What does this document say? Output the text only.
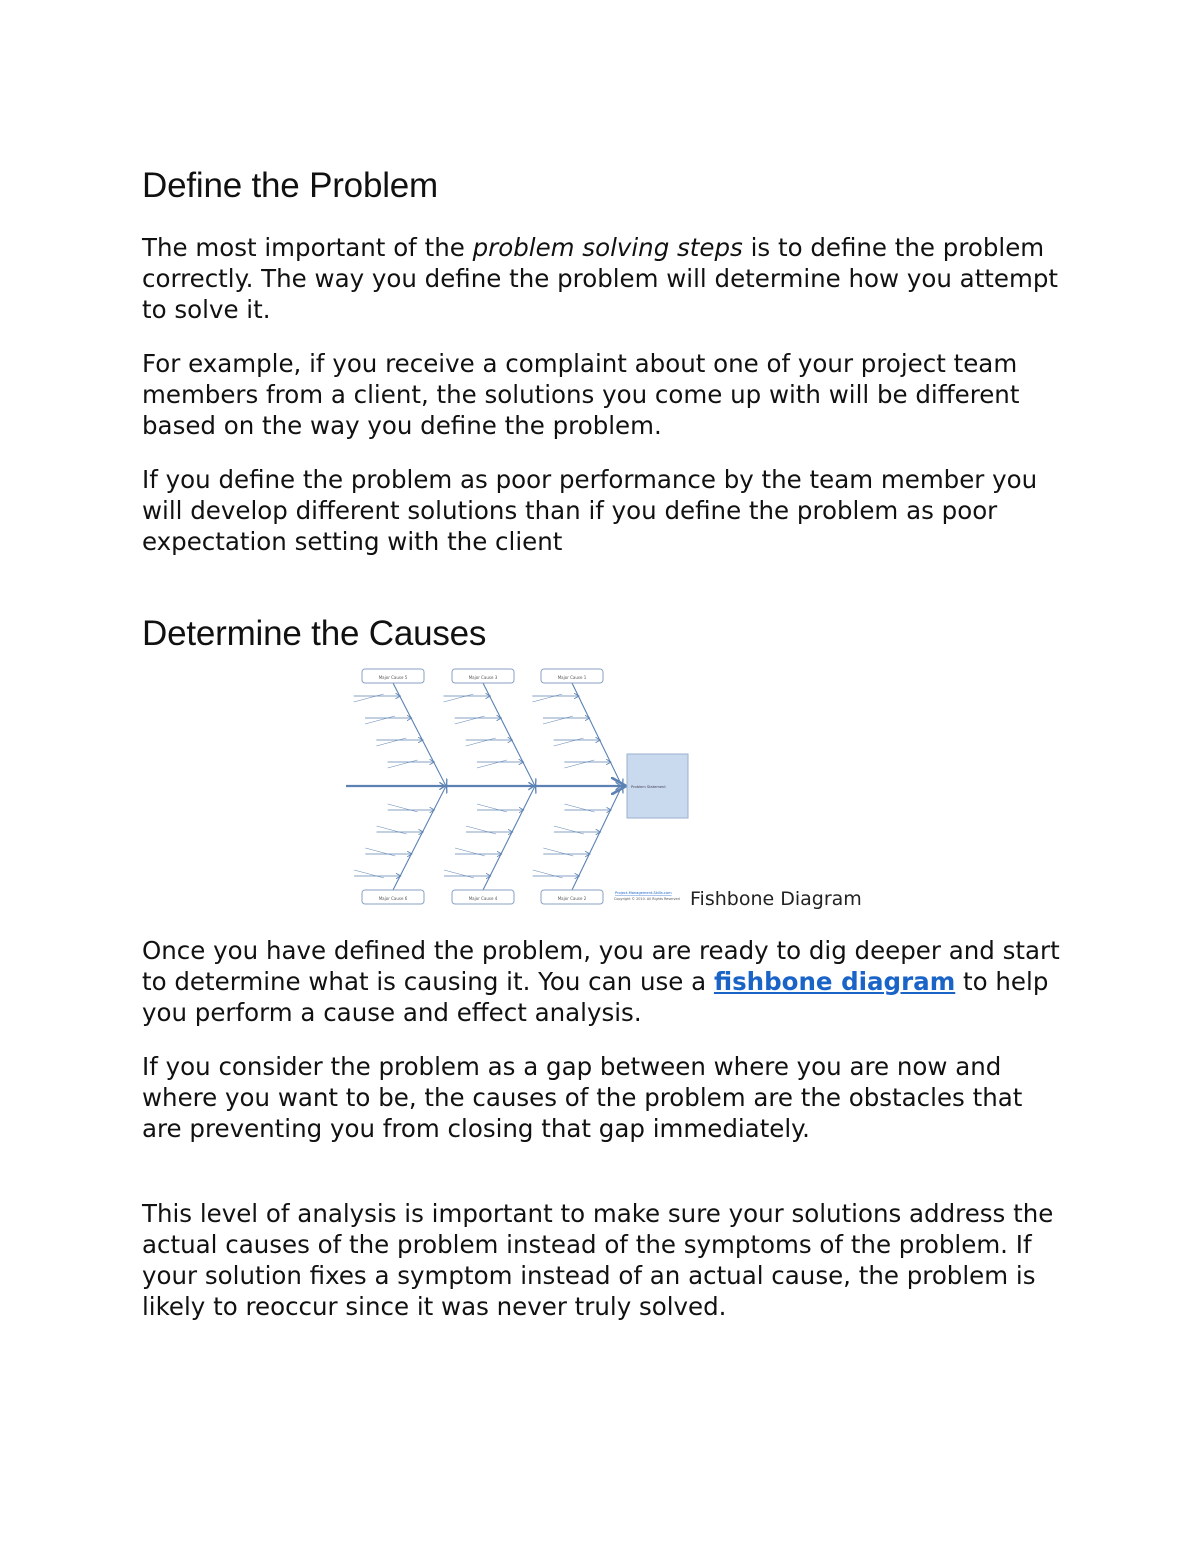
Define the Problem

The most important of the problem solving steps is to define the problem correctly. The way you define the problem will determine how you attempt to solve it.

For example, if you receive a complaint about one of your project team members from a client, the solutions you come up with will be different based on the way you define the problem.

If you define the problem as poor performance by the team member you will develop different solutions than if you define the problem as poor expectation setting with the client

Determine the Causes

Once you have defined the problem, you are ready to dig deeper and start to determine what is causing it. You can use a fishbone diagram to help you perform a cause and effect analysis.

If you consider the problem as a gap between where you are now and where you want to be, the causes of the problem are the obstacles that are preventing you from closing that gap immediately.

This level of analysis is important to make sure your solutions address the actual causes of the problem instead of the symptoms of the problem. If your solution fixes a symptom instead of an actual cause, the problem is likely to reoccur since it was never truly solved.

Major Cause 5	Major Cause 3	Major Cause 1
Major Cause 6	Major Cause 4	Major Cause 2
Problem Statement
Project-Management-Skills.com
Copyright © 2010. All Rights Reserved Fishbone Diagram
